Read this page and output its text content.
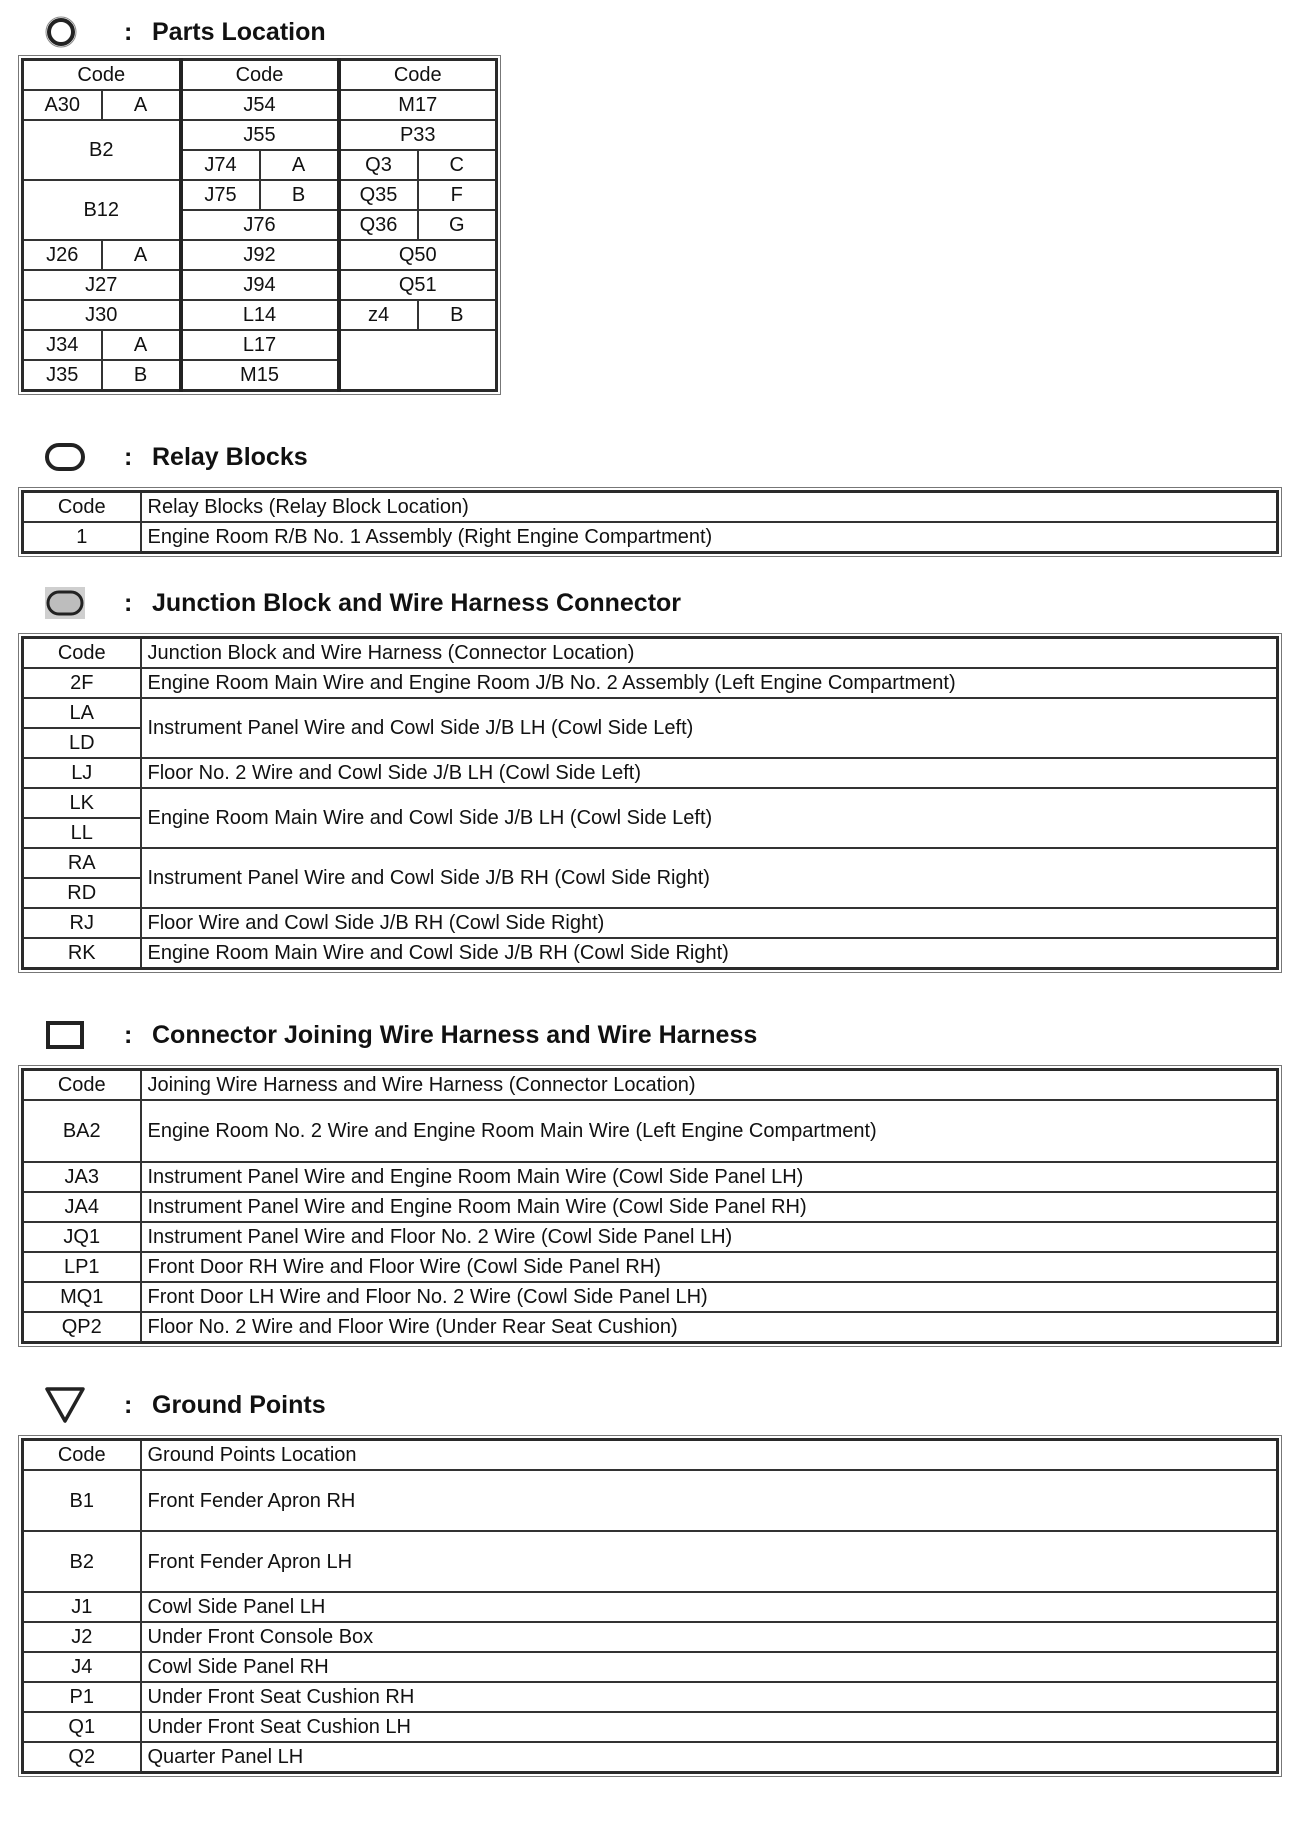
: Parts Location
Code		Code		Code	
A30	A	J54		M17	
B2		J55		P33	
		J74	A	Q3	C
B12		J75	B	Q35	F
		J76		Q36	G
J26	A	J92		Q50	
J27		J94		Q51	
J30		L14		z4	B
J34	A	L17			
J35	B	M15			
: Relay Blocks
Code	Relay Blocks (Relay Block Location)
1	Engine Room R/B No. 1 Assembly (Right Engine Compartment)
: Junction Block and Wire Harness Connector
Code	Junction Block and Wire Harness (Connector Location)
2F	Engine Room Main Wire and Engine Room J/B No. 2 Assembly (Left Engine Compartment)
LA	Instrument Panel Wire and Cowl Side J/B LH (Cowl Side Left)
LD	
LJ	Floor No. 2 Wire and Cowl Side J/B LH (Cowl Side Left)
LK	Engine Room Main Wire and Cowl Side J/B LH (Cowl Side Left)
LL	
RA	Instrument Panel Wire and Cowl Side J/B RH (Cowl Side Right)
RD	
RJ	Floor Wire and Cowl Side J/B RH (Cowl Side Right)
RK	Engine Room Main Wire and Cowl Side J/B RH (Cowl Side Right)
: Connector Joining Wire Harness and Wire Harness
Code	Joining Wire Harness and Wire Harness (Connector Location)
BA2	Engine Room No. 2 Wire and Engine Room Main Wire (Left Engine Compartment)
JA3	Instrument Panel Wire and Engine Room Main Wire (Cowl Side Panel LH)
JA4	Instrument Panel Wire and Engine Room Main Wire (Cowl Side Panel RH)
JQ1	Instrument Panel Wire and Floor No. 2 Wire (Cowl Side Panel LH)
LP1	Front Door RH Wire and Floor Wire (Cowl Side Panel RH)
MQ1	Front Door LH Wire and Floor No. 2 Wire (Cowl Side Panel LH)
QP2	Floor No. 2 Wire and Floor Wire (Under Rear Seat Cushion)
: Ground Points
Code	Ground Points Location
B1	Front Fender Apron RH
B2	Front Fender Apron LH
J1	Cowl Side Panel LH
J2	Under Front Console Box
J4	Cowl Side Panel RH
P1	Under Front Seat Cushion RH
Q1	Under Front Seat Cushion LH
Q2	Quarter Panel LH
